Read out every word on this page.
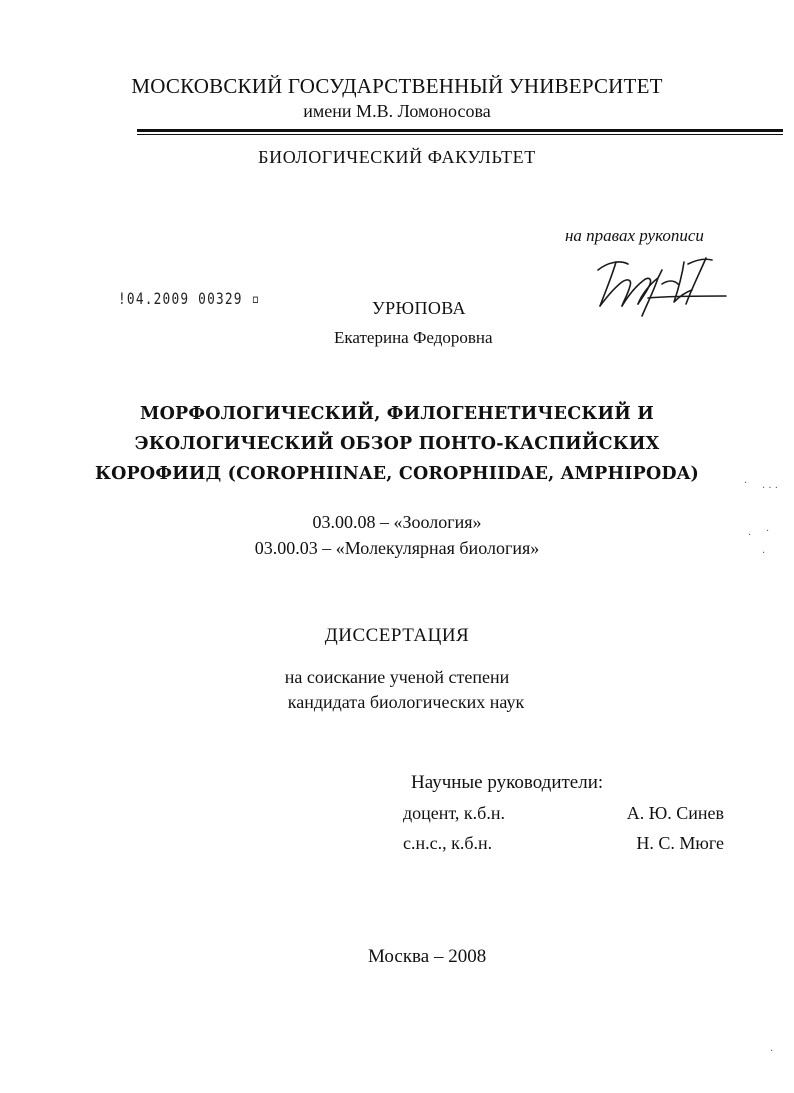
МОСКОВСКИЙ ГОСУДАРСТВЕННЫЙ УНИВЕРСИТЕТ
имени М.В. Ломоносова
БИОЛОГИЧЕСКИЙ ФАКУЛЬТЕТ
на правах рукописи
!04.2009 00329 ▫	УРЮПОВА
Екатерина Федоровна
МОРФОЛОГИЧЕСКИЙ, ФИЛОГЕНЕТИЧЕСКИЙ И
ЭКОЛОГИЧЕСКИЙ ОБЗОР ПОНТО-КАСПИЙСКИХ
КОРОФИИД (COROPHIINAE, COROPHIIDAE, AMPHIPODA)
03.00.08 – «Зоология»
03.00.03 – «Молекулярная биология»
ДИССЕРТАЦИЯ
на соискание ученой степени
кандидата биологических наук
Научные руководители:
доцент, к.б.н.	А. Ю. Синев
с.н.с., к.б.н.	Н. С. Мюге
Москва – 2008
· . . .
· ·
·
·
